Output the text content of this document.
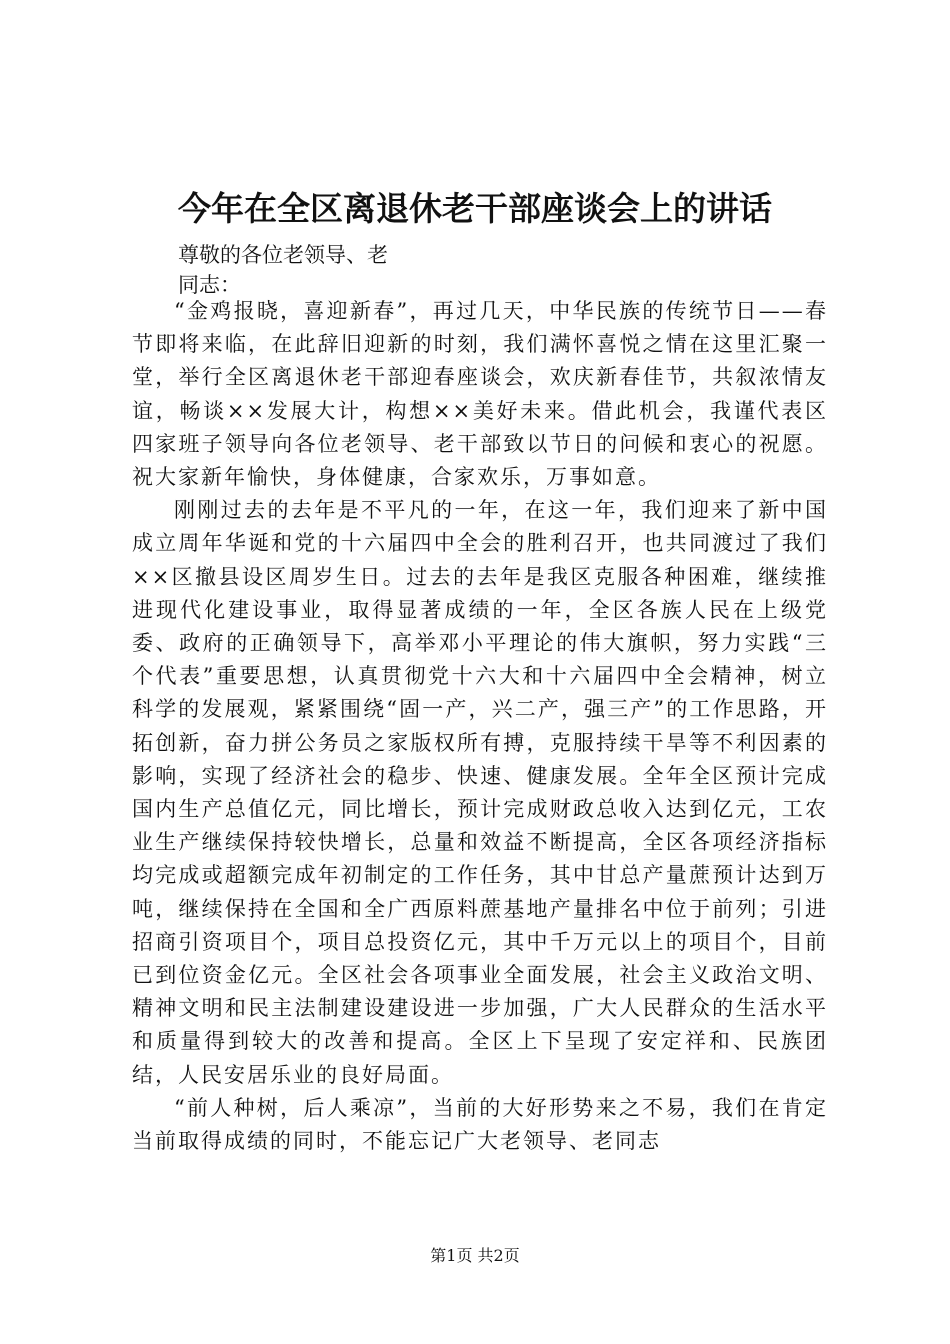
今年在全区离退休老干部座谈会上的讲话
尊敬的各位老领导、老
同志：

“金鸡报晓，喜迎新春”，再过几天，中华民族的传统节日——春节即将来临，在此辞旧迎新的时刻，我们满怀喜悦之情在这里汇聚一堂，举行全区离退休老干部迎春座谈会，欢庆新春佳节，共叙浓情友谊，畅谈××发展大计，构想××美好未来。借此机会，我谨代表区四家班子领导向各位老领导、老干部致以节日的问候和衷心的祝愿。祝大家新年愉快，身体健康，合家欢乐，万事如意。

刚刚过去的去年是不平凡的一年，在这一年，我们迎来了新中国成立周年华诞和党的十六届四中全会的胜利召开，也共同渡过了我们××区撤县设区周岁生日。过去的去年是我区克服各种困难，继续推进现代化建设事业，取得显著成绩的一年，全区各族人民在上级党委、政府的正确领导下，高举邓小平理论的伟大旗帜，努力实践“三个代表”重要思想，认真贯彻党十六大和十六届四中全会精神，树立科学的发展观，紧紧围绕“固一产，兴二产，强三产”的工作思路，开拓创新，奋力拼公务员之家版权所有搏，克服持续干旱等不利因素的影响，实现了经济社会的稳步、快速、健康发展。全年全区预计完成国内生产总值亿元，同比增长，预计完成财政总收入达到亿元，工农业生产继续保持较快增长，总量和效益不断提高，全区各项经济指标均完成或超额完成年初制定的工作任务，其中甘总产量蔗预计达到万吨，继续保持在全国和全广西原料蔗基地产量排名中位于前列；引进招商引资项目个，项目总投资亿元，其中千万元以上的项目个，目前已到位资金亿元。全区社会各项事业全面发展，社会主义政治文明、精神文明和民主法制建设建设进一步加强，广大人民群众的生活水平和质量得到较大的改善和提高。全区上下呈现了安定祥和、民族团结，人民安居乐业的良好局面。

“前人种树，后人乘凉”，当前的大好形势来之不易，我们在肯定当前取得成绩的同时，不能忘记广大老领导、老同志

第1页 共2页
